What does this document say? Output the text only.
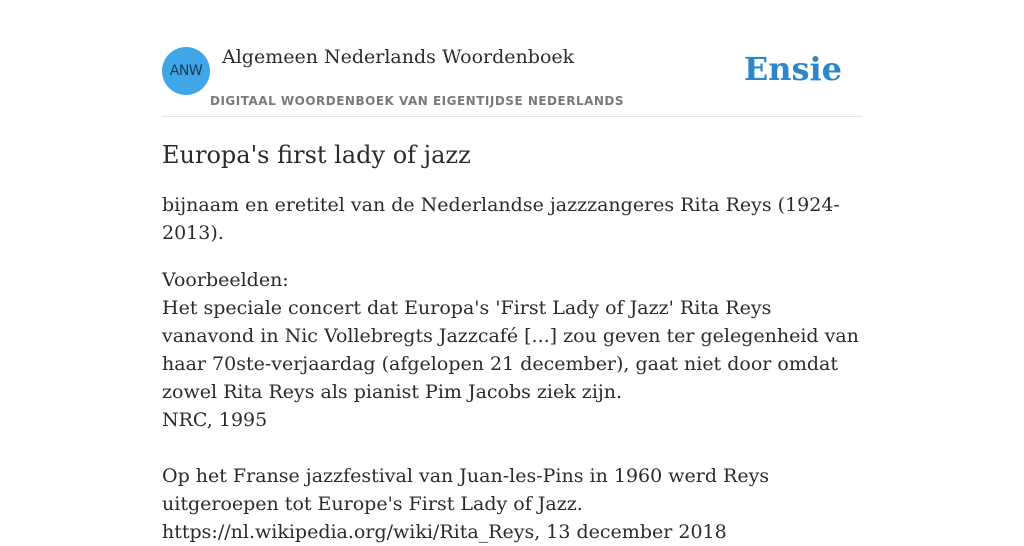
ANW
Algemeen Nederlands Woordenboek
DIGITAAL WOORDENBOEK VAN EIGENTIJDSE NEDERLANDS
Ensie
Europa's first lady of jazz

bijnaam en eretitel van de Nederlandse jazzzangeres Rita Reys (1924-2013).

Voorbeelden:
Het speciale concert dat Europa's 'First Lady of Jazz' Rita Reys vanavond in Nic Vollebregts Jazzcafé [...] zou geven ter gelegenheid van haar 70ste-verjaardag (afgelopen 21 december), gaat niet door omdat zowel Rita Reys als pianist Pim Jacobs ziek zijn.
NRC, 1995
Op het Franse jazzfestival van Juan-les-Pins in 1960 werd Reys uitgeroepen tot Europe's First Lady of Jazz.
https://nl.wikipedia.org/wiki/Rita_Reys, 13 december 2018
